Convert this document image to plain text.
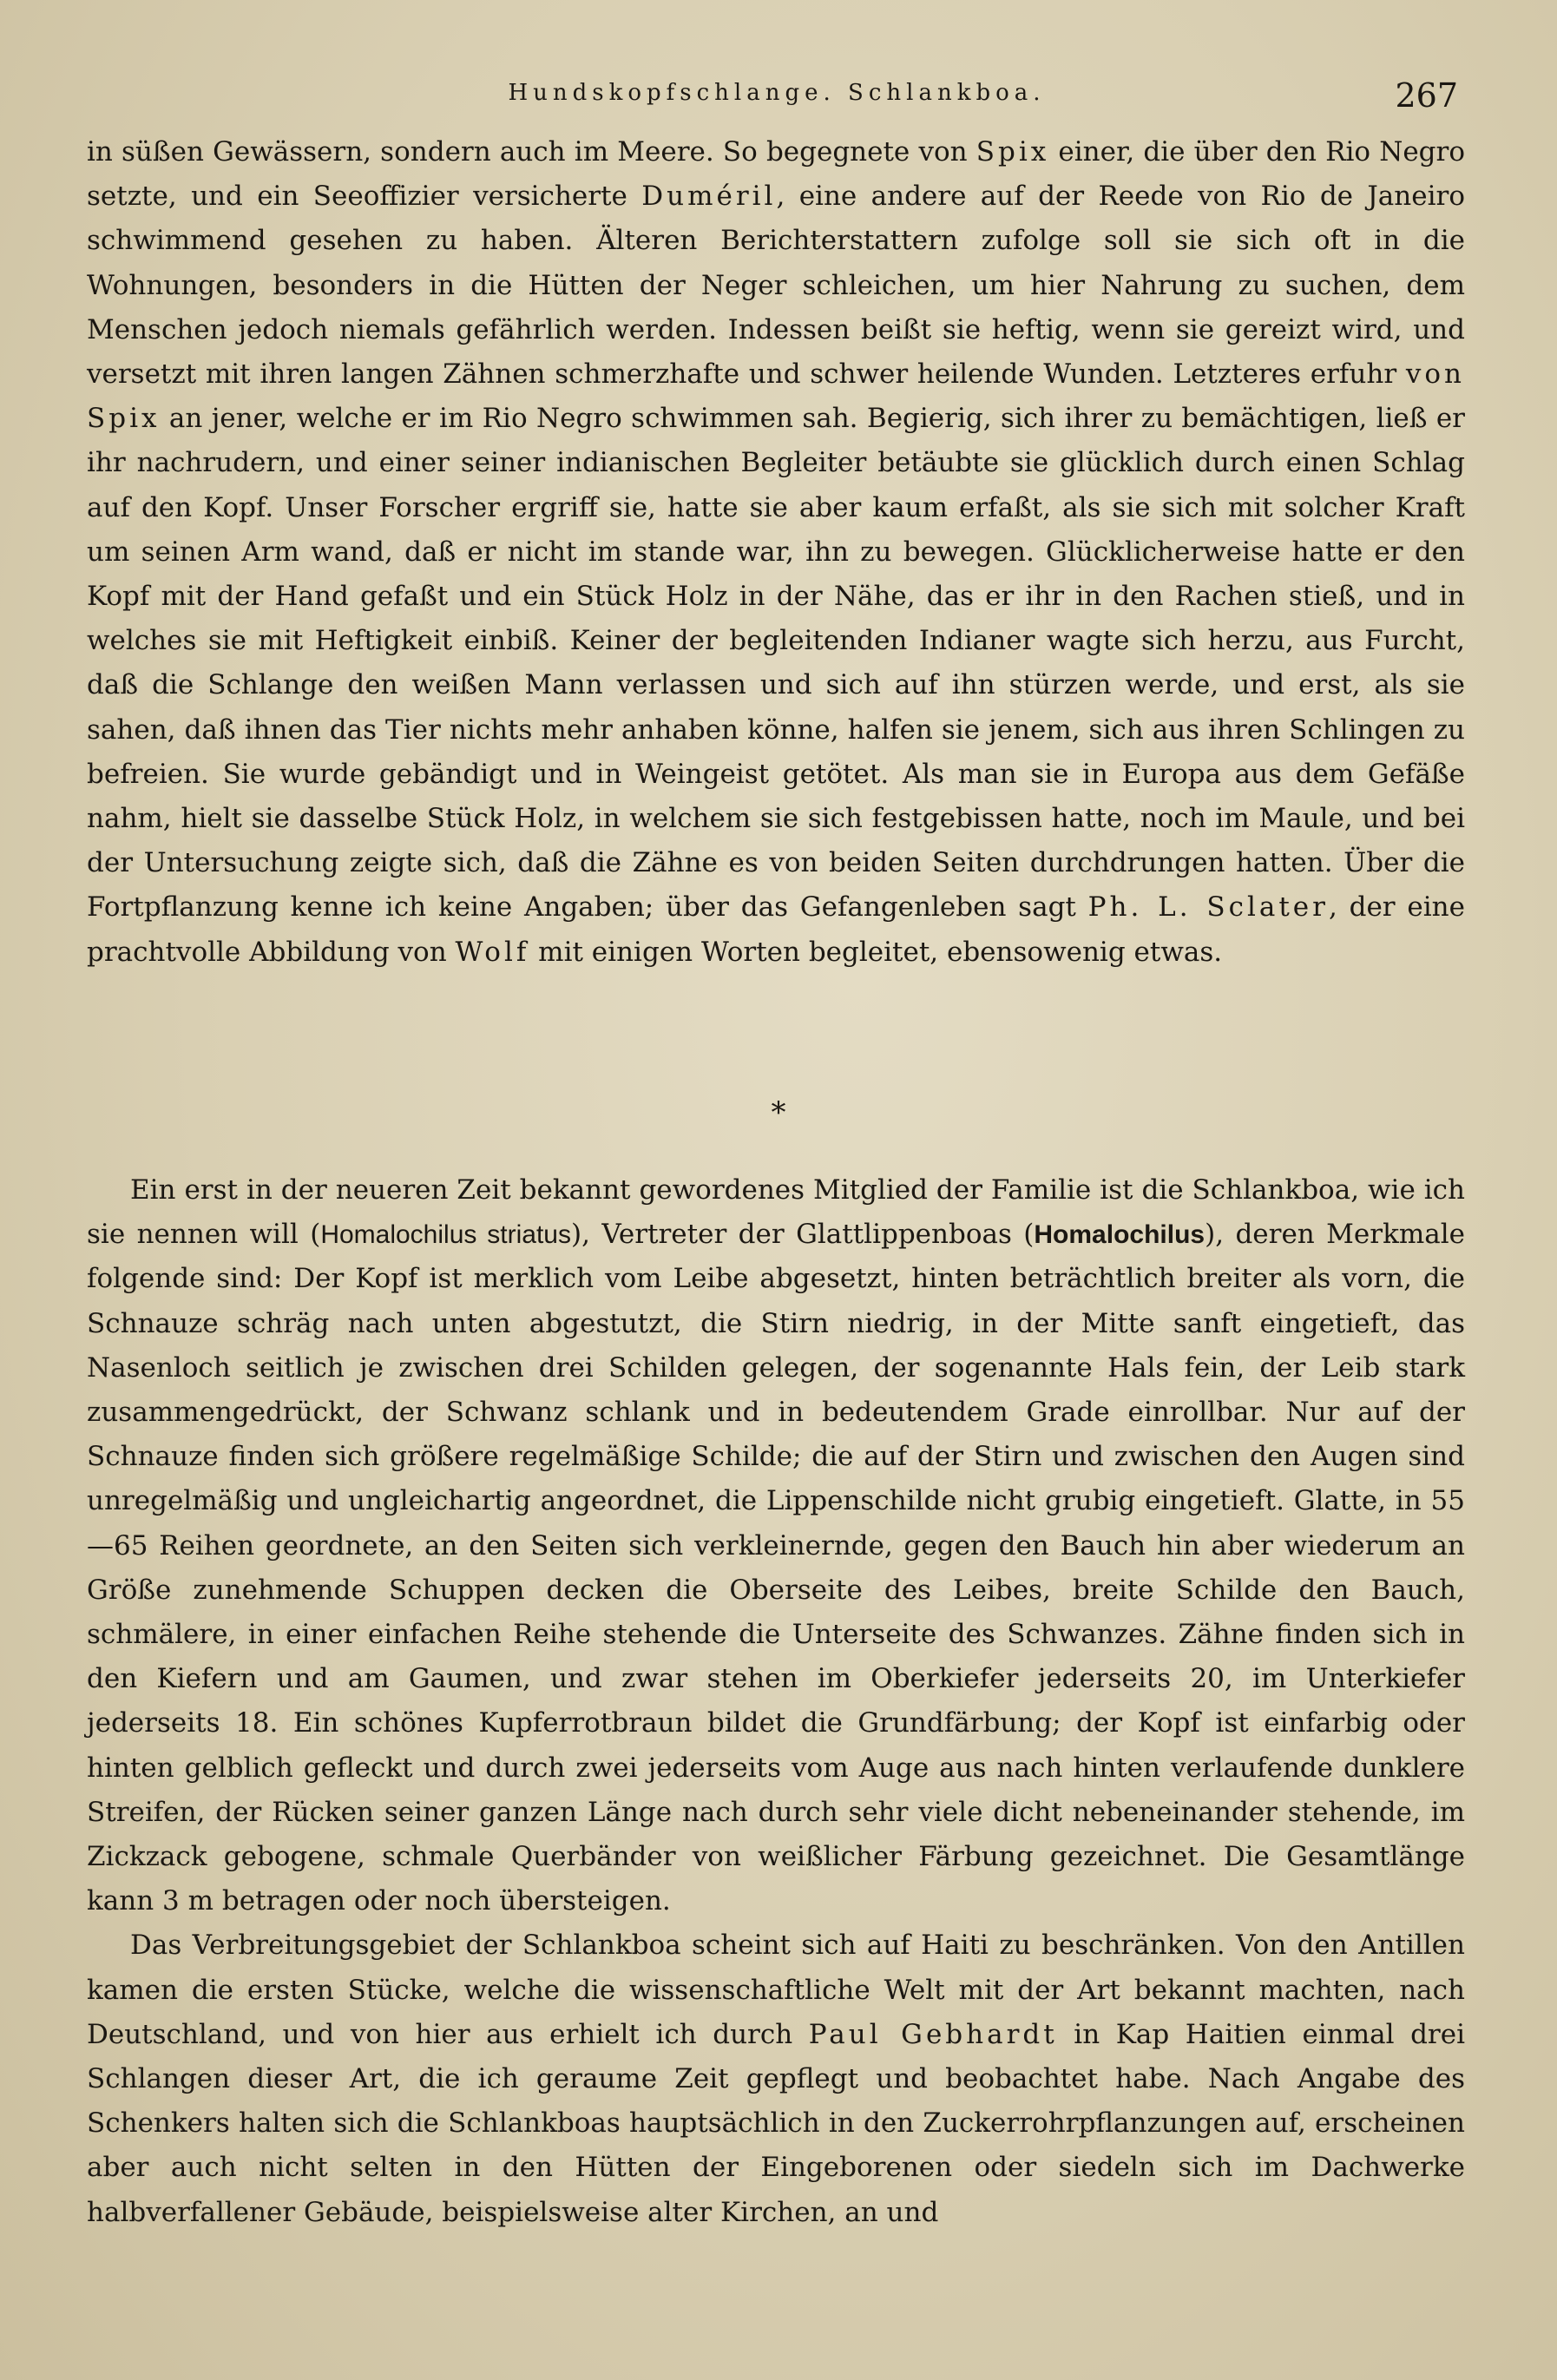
Hundskopfschlange. Schlankboa.	267

in süßen Gewässern, sondern auch im Meere. So begegnete von Spix einer, die über den Rio Negro setzte, und ein Seeoffizier versicherte Duméril, eine andere auf der Reede von Rio de Janeiro schwimmend gesehen zu haben. Älteren Berichterstattern zufolge soll sie sich oft in die Wohnungen, besonders in die Hütten der Neger schleichen, um hier Nahrung zu suchen, dem Menschen jedoch niemals gefährlich werden. Indessen beißt sie heftig, wenn sie gereizt wird, und versetzt mit ihren langen Zähnen schmerzhafte und schwer heilende Wunden. Letzteres erfuhr von Spix an jener, welche er im Rio Negro schwimmen sah. Begierig, sich ihrer zu bemächtigen, ließ er ihr nachrudern, und einer seiner indianischen Begleiter betäubte sie glücklich durch einen Schlag auf den Kopf. Unser Forscher ergriff sie, hatte sie aber kaum erfaßt, als sie sich mit solcher Kraft um seinen Arm wand, daß er nicht im stande war, ihn zu bewegen. Glücklicherweise hatte er den Kopf mit der Hand gefaßt und ein Stück Holz in der Nähe, das er ihr in den Rachen stieß, und in welches sie mit Heftigkeit einbiß. Keiner der begleitenden Indianer wagte sich herzu, aus Furcht, daß die Schlange den weißen Mann verlassen und sich auf ihn stürzen werde, und erst, als sie sahen, daß ihnen das Tier nichts mehr anhaben könne, halfen sie jenem, sich aus ihren Schlingen zu befreien. Sie wurde gebändigt und in Weingeist getötet. Als man sie in Europa aus dem Gefäße nahm, hielt sie dasselbe Stück Holz, in welchem sie sich festgebissen hatte, noch im Maule, und bei der Untersuchung zeigte sich, daß die Zähne es von beiden Seiten durchdrungen hatten. Über die Fortpflanzung kenne ich keine Angaben; über das Gefangenleben sagt Ph. L. Sclater, der eine prachtvolle Abbildung von Wolf mit einigen Worten begleitet, ebensowenig etwas.

*

Ein erst in der neueren Zeit bekannt gewordenes Mitglied der Familie ist die Schlankboa, wie ich sie nennen will (Homalochilus striatus), Vertreter der Glattlippenboas (Homalochilus), deren Merkmale folgende sind: Der Kopf ist merklich vom Leibe abgesetzt, hinten beträchtlich breiter als vorn, die Schnauze schräg nach unten abgestutzt, die Stirn niedrig, in der Mitte sanft eingetieft, das Nasenloch seitlich je zwischen drei Schilden gelegen, der sogenannte Hals fein, der Leib stark zusammengedrückt, der Schwanz schlank und in bedeutendem Grade einrollbar. Nur auf der Schnauze finden sich größere regelmäßige Schilde; die auf der Stirn und zwischen den Augen sind unregelmäßig und ungleichartig angeordnet, die Lippenschilde nicht grubig eingetieft. Glatte, in 55—65 Reihen geordnete, an den Seiten sich verkleinernde, gegen den Bauch hin aber wiederum an Größe zunehmende Schuppen decken die Oberseite des Leibes, breite Schilde den Bauch, schmälere, in einer einfachen Reihe stehende die Unterseite des Schwanzes. Zähne finden sich in den Kiefern und am Gaumen, und zwar stehen im Oberkiefer jederseits 20, im Unterkiefer jederseits 18. Ein schönes Kupferrotbraun bildet die Grundfärbung; der Kopf ist einfarbig oder hinten gelblich gefleckt und durch zwei jederseits vom Auge aus nach hinten verlaufende dunklere Streifen, der Rücken seiner ganzen Länge nach durch sehr viele dicht nebeneinander stehende, im Zickzack gebogene, schmale Querbänder von weißlicher Färbung gezeichnet. Die Gesamtlänge kann 3 m betragen oder noch übersteigen.

Das Verbreitungsgebiet der Schlankboa scheint sich auf Haiti zu beschränken. Von den Antillen kamen die ersten Stücke, welche die wissenschaftliche Welt mit der Art bekannt machten, nach Deutschland, und von hier aus erhielt ich durch Paul Gebhardt in Kap Haitien einmal drei Schlangen dieser Art, die ich geraume Zeit gepflegt und beobachtet habe. Nach Angabe des Schenkers halten sich die Schlankboas hauptsächlich in den Zuckerrohrpflanzungen auf, erscheinen aber auch nicht selten in den Hütten der Eingeborenen oder siedeln sich im Dachwerke halbverfallener Gebäude, beispielsweise alter Kirchen, an und
